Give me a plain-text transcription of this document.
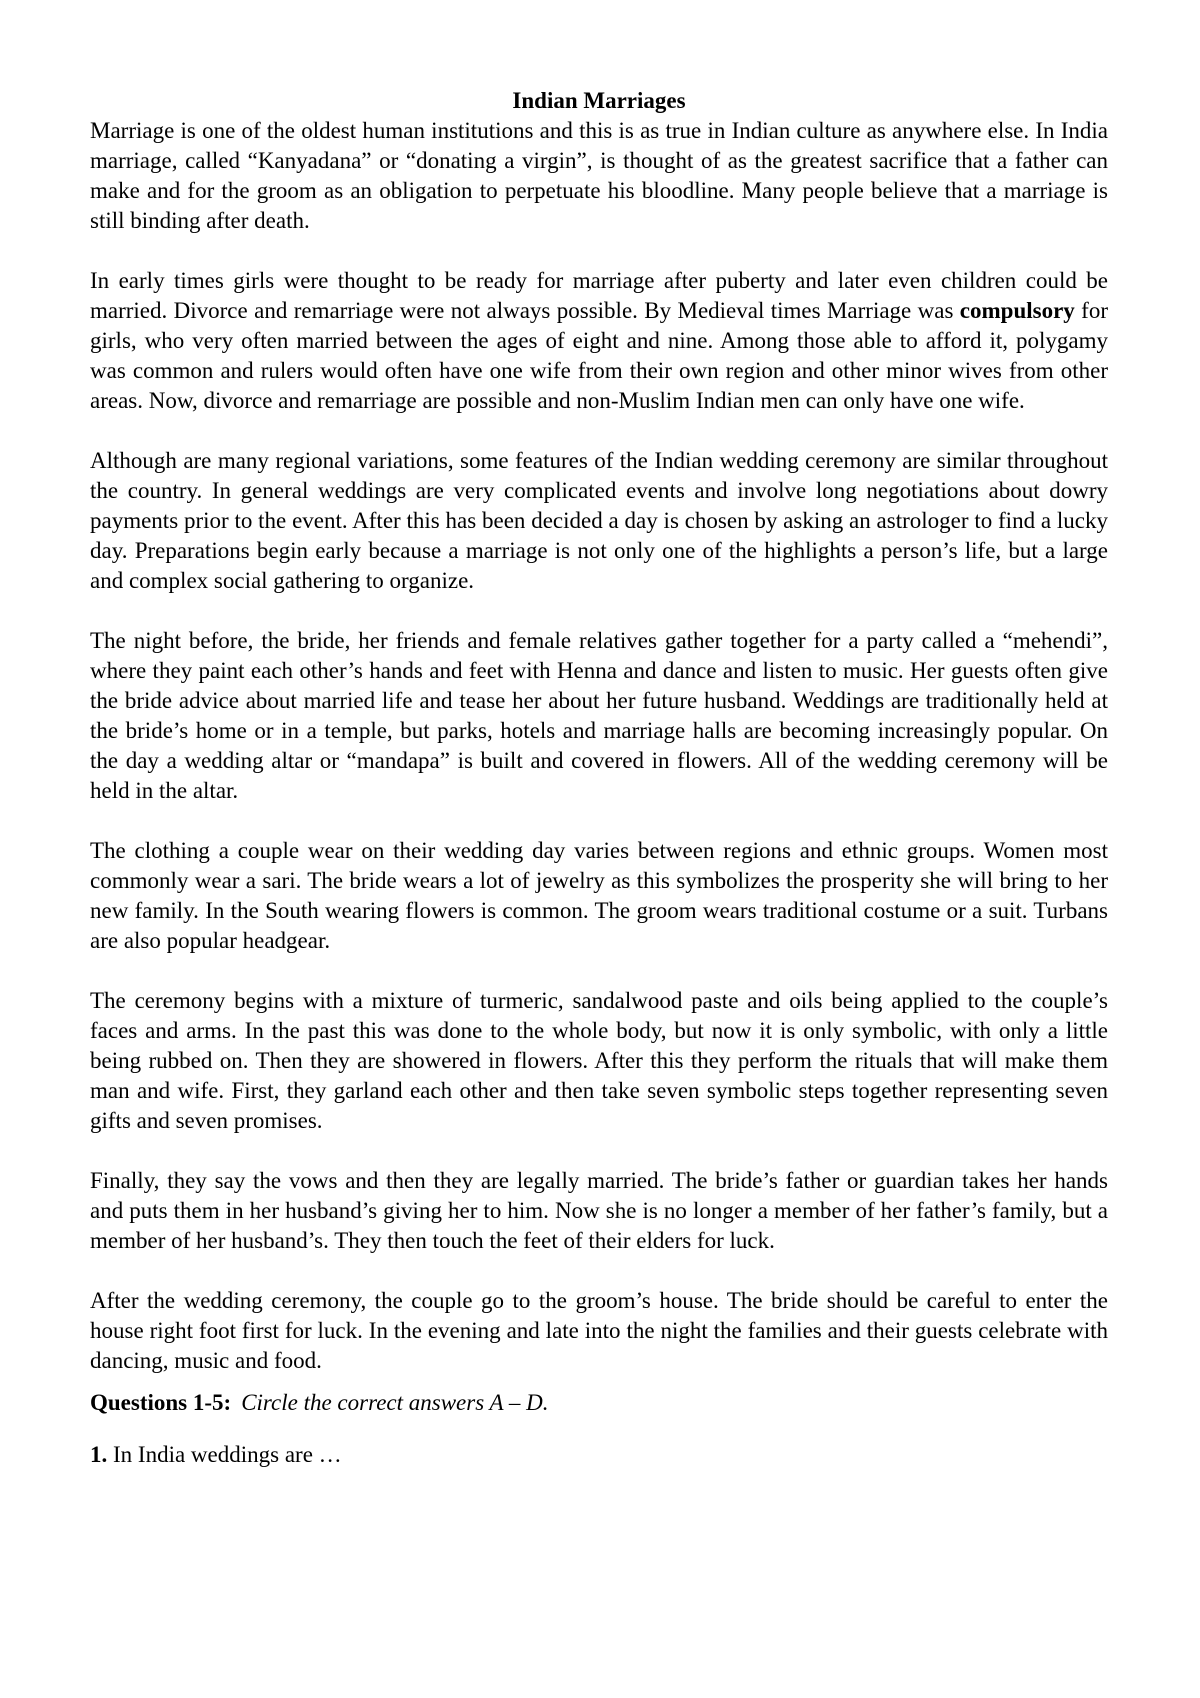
Indian Marriages

Marriage is one of the oldest human institutions and this is as true in Indian culture as anywhere else. In India marriage, called “Kanyadana” or “donating a virgin”, is thought of as the greatest sacrifice that a father can make and for the groom as an obligation to perpetuate his bloodline. Many people believe that a marriage is still binding after death.

In early times girls were thought to be ready for marriage after puberty and later even children could be married. Divorce and remarriage were not always possible. By Medieval times Marriage was compulsory for girls, who very often married between the ages of eight and nine. Among those able to afford it, polygamy was common and rulers would often have one wife from their own region and other minor wives from other areas. Now, divorce and remarriage are possible and non-Muslim Indian men can only have one wife.

Although are many regional variations, some features of the Indian wedding ceremony are similar throughout the country. In general weddings are very complicated events and involve long negotiations about dowry payments prior to the event. After this has been decided a day is chosen by asking an astrologer to find a lucky day. Preparations begin early because a marriage is not only one of the highlights a person’s life, but a large and complex social gathering to organize.

The night before, the bride, her friends and female relatives gather together for a party called a “mehendi”, where they paint each other’s hands and feet with Henna and dance and listen to music. Her guests often give the bride advice about married life and tease her about her future husband. Weddings are traditionally held at the bride’s home or in a temple, but parks, hotels and marriage halls are becoming increasingly popular. On the day a wedding altar or “mandapa” is built and covered in flowers. All of the wedding ceremony will be held in the altar.

The clothing a couple wear on their wedding day varies between regions and ethnic groups. Women most commonly wear a sari. The bride wears a lot of jewelry as this symbolizes the prosperity she will bring to her new family. In the South wearing flowers is common. The groom wears traditional costume or a suit. Turbans are also popular headgear.

The ceremony begins with a mixture of turmeric, sandalwood paste and oils being applied to the couple’s faces and arms. In the past this was done to the whole body, but now it is only symbolic, with only a little being rubbed on. Then they are showered in flowers. After this they perform the rituals that will make them man and wife. First, they garland each other and then take seven symbolic steps together representing seven gifts and seven promises.

Finally, they say the vows and then they are legally married. The bride’s father or guardian takes her hands and puts them in her husband’s giving her to him. Now she is no longer a member of her father’s family, but a member of her husband’s. They then touch the feet of their elders for luck.

After the wedding ceremony, the couple go to the groom’s house. The bride should be careful to enter the house right foot first for luck. In the evening and late into the night the families and their guests celebrate with dancing, music and food.

Questions 1-5: Circle the correct answers A – D.

1. In India weddings are …
